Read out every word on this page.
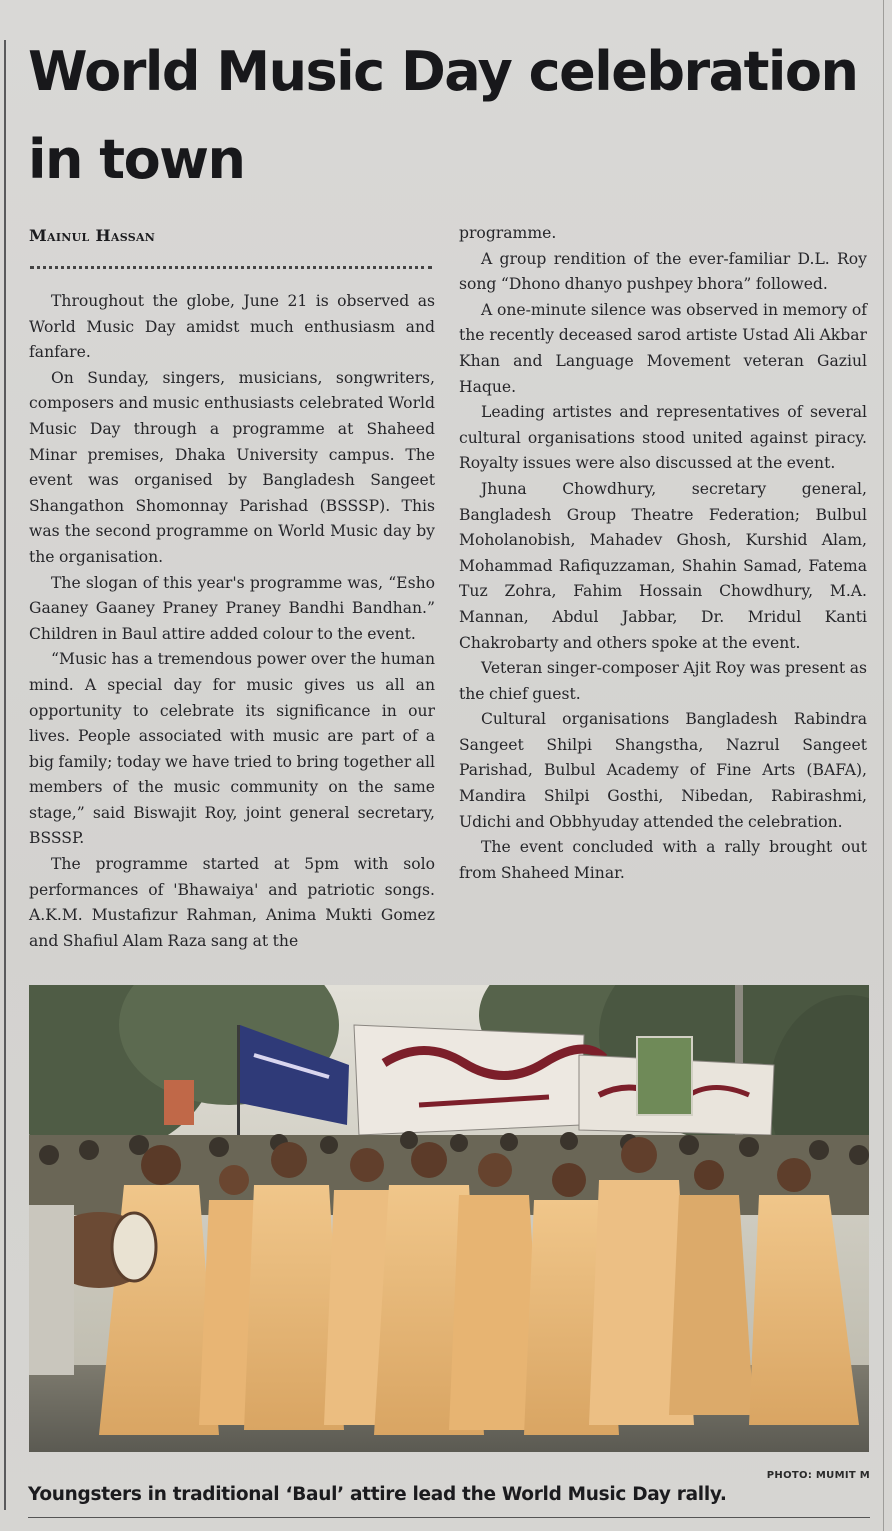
World Music Day celebration in town
Mainul Hassan

Throughout the globe, June 21 is observed as World Music Day amidst much enthusiasm and fanfare.

On Sunday, singers, musicians, songwriters, composers and music enthusiasts celebrated World Music Day through a programme at Shaheed Minar premises, Dhaka University campus. The event was organised by Bangladesh Sangeet Shangathon Shomonnay Parishad (BSSSP). This was the second programme on World Music day by the organisation.

The slogan of this year's programme was, “Esho Gaaney Gaaney Praney Praney Bandhi Bandhan.” Children in Baul attire added colour to the event.

“Music has a tremendous power over the human mind. A special day for music gives us all an opportunity to celebrate its significance in our lives. People associated with music are part of a big family; today we have tried to bring together all members of the music community on the same stage,” said Biswajit Roy, joint general secretary, BSSSP.

The programme started at 5pm with solo performances of 'Bhawaiya' and patriotic songs. A.K.M. Mustafizur Rahman, Anima Mukti Gomez and Shafiul Alam Raza sang at the

programme.

A group rendition of the ever-familiar D.L. Roy song “Dhono dhanyo pushpey bhora” followed.

A one-minute silence was observed in memory of the recently deceased sarod artiste Ustad Ali Akbar Khan and Language Movement veteran Gaziul Haque.

Leading artistes and representatives of several cultural organisations stood united against piracy. Royalty issues were also discussed at the event.

Jhuna Chowdhury, secretary general, Bangladesh Group Theatre Federation; Bulbul Moholanobish, Mahadev Ghosh, Kurshid Alam, Mohammad Rafiquzzaman, Shahin Samad, Fatema Tuz Zohra, Fahim Hossain Chowdhury, M.A. Mannan, Abdul Jabbar, Dr. Mridul Kanti Chakrobarty and others spoke at the event.

Veteran singer-composer Ajit Roy was present as the chief guest.

Cultural organisations Bangladesh Rabindra Sangeet Shilpi Shangstha, Nazrul Sangeet Parishad, Bulbul Academy of Fine Arts (BAFA), Mandira Shilpi Gosthi, Nibedan, Rabirashmi, Udichi and Obbhyuday attended the celebration.

The event concluded with a rally brought out from Shaheed Minar.

PHOTO: MUMIT M
Youngsters in traditional ‘Baul’ attire lead the World Music Day rally.
